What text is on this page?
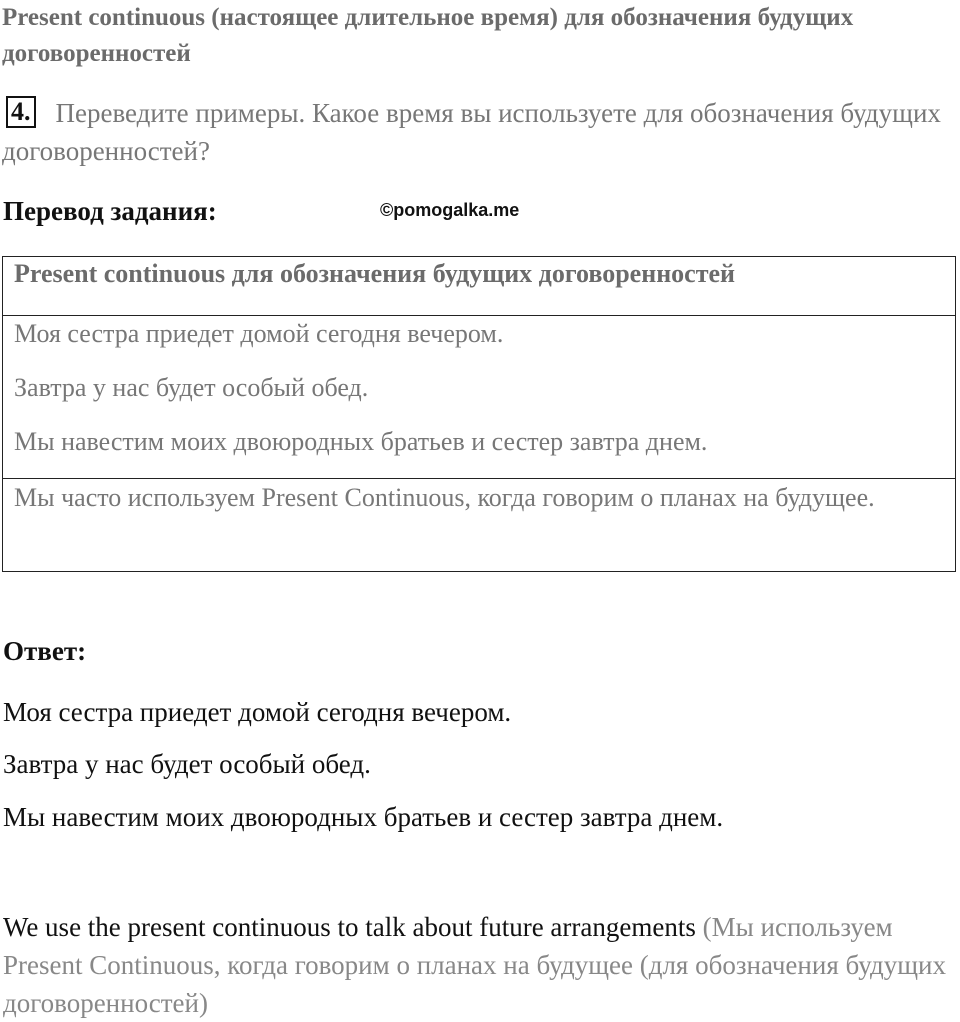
Present continuous (настоящее длительное время) для обозначения будущих договоренностей
4. Переведите примеры. Какое время вы используете для обозначения будущих договоренностей?
Перевод задания:	©pomogalka.me
Present continuous для обозначения будущих договоренностей

Моя сестра приедет домой сегодня вечером.

Завтра у нас будет особый обед.

Мы навестим моих двоюродных братьев и сестер завтра днем.

Мы часто используем Present Continuous, когда говорим о планах на будущее.
Ответ:
Моя сестра приедет домой сегодня вечером.
Завтра у нас будет особый обед.
Мы навестим моих двоюродных братьев и сестер завтра днем.
We use the present continuous to talk about future arrangements (Мы используем Present Continuous, когда говорим о планах на будущее (для обозначения будущих договоренностей)
